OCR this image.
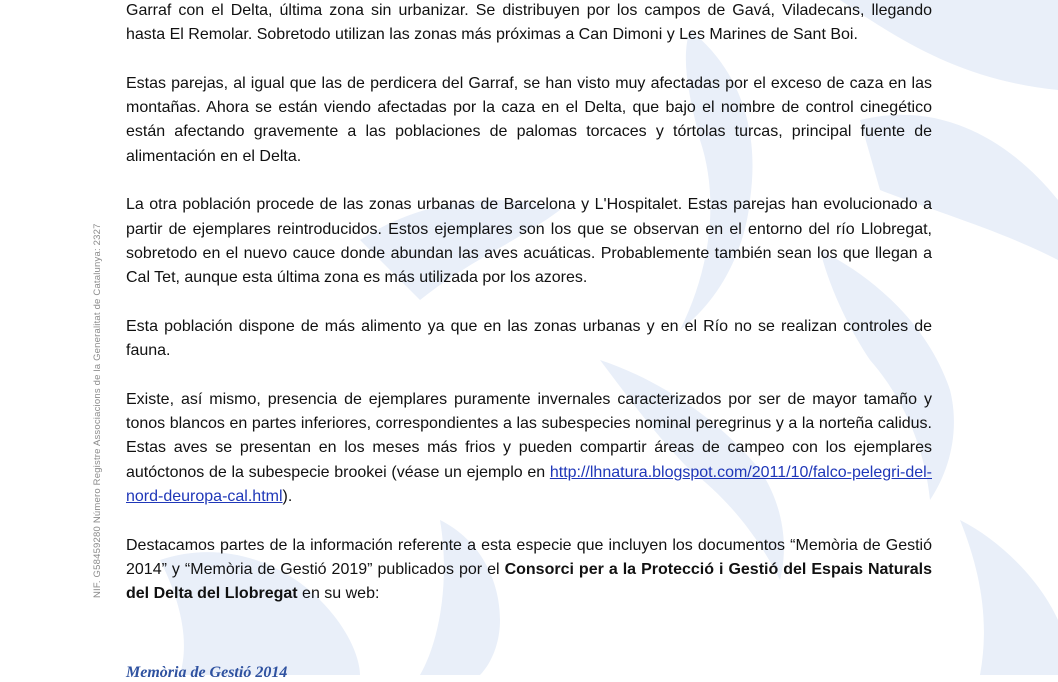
NIF. G58459280 Número Registre Associacions de la Generalitat de Catalunya: 2327

Garraf con el Delta, última zona sin urbanizar. Se distribuyen por los campos de Gavá, Viladecans, llegando hasta El Remolar. Sobretodo utilizan las zonas más próximas a Can Dimoni y Les Marines de Sant Boi.

Estas parejas, al igual que las de perdicera del Garraf, se han visto muy afectadas por el exceso de caza en las montañas. Ahora se están viendo afectadas por la caza en el Delta, que bajo el nombre de control cinegético están afectando gravemente a las poblaciones de palomas torcaces y tórtolas turcas, principal fuente de alimentación en el Delta.

La otra población procede de las zonas urbanas de Barcelona y L'Hospitalet. Estas parejas han evolucionado a partir de ejemplares reintroducidos. Estos ejemplares son los que se observan en el entorno del río Llobregat, sobretodo en el nuevo cauce donde abundan las aves acuáticas. Probablemente también sean los que llegan a Cal Tet, aunque esta última zona es más utilizada por los azores.

Esta población dispone de más alimento ya que en las zonas urbanas y en el Río no se realizan controles de fauna.

Existe, así mismo, presencia de ejemplares puramente invernales caracterizados por ser de mayor tamaño y tonos blancos en partes inferiores, correspondientes a las subespecies nominal peregrinus y a la norteña calidus. Estas aves se presentan en los meses más frios y pueden compartir áreas de campeo con los ejemplares autóctonos de la subespecie brookei (véase un ejemplo en http://lhnatura.blogspot.com/2011/10/falco-pelegri-del-nord-deuropa-cal.html).

Destacamos partes de la información referente a esta especie que incluyen los documentos “Memòria de Gestió 2014” y “Memòria de Gestió 2019” publicados por el Consorci per a la Protecció i Gestió del Espais Naturals del Delta del Llobregat en su web:

Memòria de Gestió 2014
